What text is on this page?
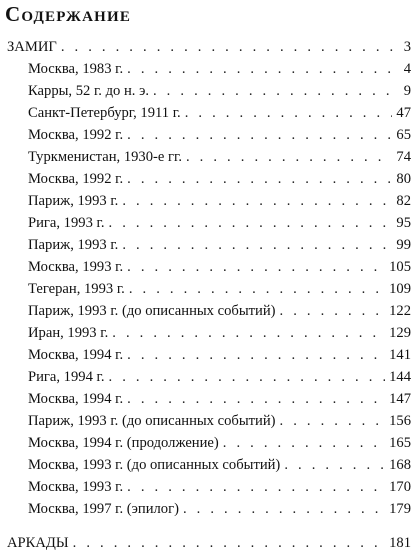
Содержание
ЗАМИГ . . .	3
Москва, 1983 г. . . .	4
Карры, 52 г. до н. э. . . .	9
Санкт-Петербург, 1911 г. . . .	47
Москва, 1992 г. . . .	65
Туркменистан, 1930-е гг. . . .	74
Москва, 1992 г. . . .	80
Париж, 1993 г. . . .	82
Рига, 1993 г. . . .	95
Париж, 1993 г. . . .	99
Москва, 1993 г. . . .	105
Тегеран, 1993 г. . . .	109
Париж, 1993 г. (до описанных событий) . . .	122
Иран, 1993 г. . . .	129
Москва, 1994 г. . . .	141
Рига, 1994 г. . . .	144
Москва, 1994 г. . . .	147
Париж, 1993 г. (до описанных событий) . . .	156
Москва, 1994 г. (продолжение) . . .	165
Москва, 1993 г. (до описанных событий) . . .	168
Москва, 1993 г. . . .	170
Москва, 1997 г. (эпилог) . . .	179
АРКАДЫ . . .	181
